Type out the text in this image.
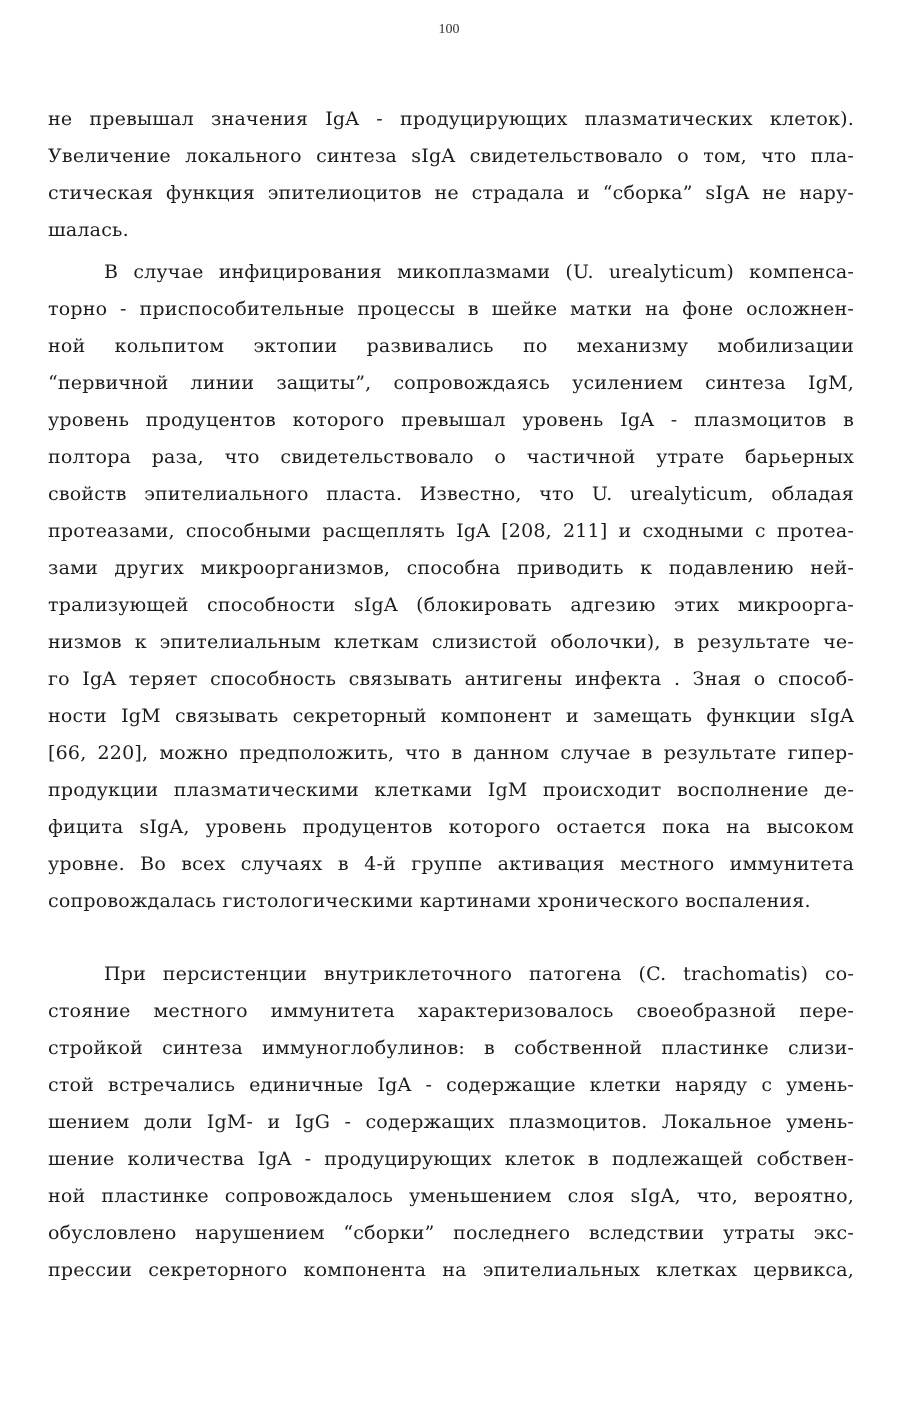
100
не превышал значения IgA - продуцирующих плазматических клеток).
Увеличение локального синтеза sIgA свидетельствовало о том, что пла-
стическая функция эпителиоцитов не страдала и “сборка” sIgA не нару-
шалась.
В случае инфицирования микоплазмами (U. urealyticum) компенса-
торно - приспособительные процессы в шейке матки на фоне осложнен-
ной кольпитом эктопии развивались по механизму мобилизации
“первичной линии защиты”, сопровождаясь усилением синтеза IgM,
уровень продуцентов которого превышал уровень IgA - плазмоцитов в
полтора раза, что свидетельствовало о частичной утрате барьерных
свойств эпителиального пласта. Известно, что U. urealyticum, обладая
протеазами, способными расщеплять IgA [208, 211] и сходными с протеа-
зами других микроорганизмов, способна приводить к подавлению ней-
трализующей способности sIgA (блокировать адгезию этих микроорга-
низмов к эпителиальным клеткам слизистой оболочки), в результате че-
го IgA теряет способность связывать антигены инфекта . Зная о способ-
ности IgM связывать секреторный компонент и замещать функции sIgA
[66, 220], можно предположить, что в данном случае в результате гипер-
продукции плазматическими клетками IgM происходит восполнение де-
фицита sIgA, уровень продуцентов которого остается пока на высоком
уровне. Во всех случаях в 4-й группе активация местного иммунитета
сопровождалась гистологическими картинами хронического воспаления.
При персистенции внутриклеточного патогена (C. trachomatis) со-
стояние местного иммунитета характеризовалось своеобразной пере-
стройкой синтеза иммуноглобулинов: в собственной пластинке слизи-
стой встречались единичные IgA - содержащие клетки наряду с умень-
шением доли IgM- и IgG - содержащих плазмоцитов. Локальное умень-
шение количества IgA - продуцирующих клеток в подлежащей собствен-
ной пластинке сопровождалось уменьшением слоя sIgA, что, вероятно,
обусловлено нарушением “сборки” последнего вследствии утраты экс-
прессии секреторного компонента на эпителиальных клетках цервикса,
